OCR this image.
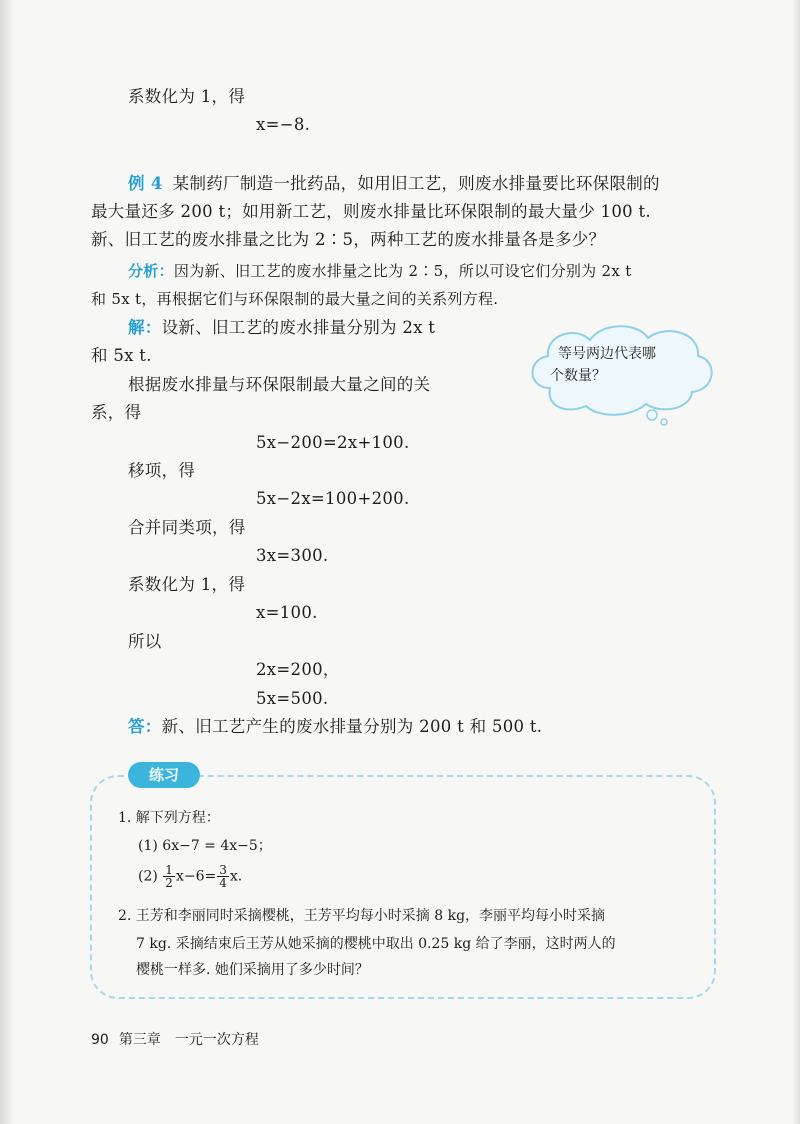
系数化为 1，得
x=−8.
例 4 某制药厂制造一批药品，如用旧工艺，则废水排量要比环保限制的
最大量还多 200 t；如用新工艺，则废水排量比环保限制的最大量少 100 t.
新、旧工艺的废水排量之比为 2∶5，两种工艺的废水排量各是多少？
分析：因为新、旧工艺的废水排量之比为 2∶5，所以可设它们分别为 2x t
和 5x t，再根据它们与环保限制的最大量之间的关系列方程.
解：设新、旧工艺的废水排量分别为 2x t
和 5x t.
根据废水排量与环保限制最大量之间的关
系，得
5x−200=2x+100.
移项，得
5x−2x=100+200.
合并同类项，得
3x=300.
系数化为 1，得
x=100.
所以
2x=200，
5x=500.
答：新、旧工艺产生的废水排量分别为 200 t 和 500 t.
等号两边代表哪
个数量？
练习
1. 解下列方程：
(1) 6x−7 = 4x−5；
$(2) \frac{1}{2} x-6= \frac{3}{4} x$.
2. 王芳和李丽同时采摘樱桃，王芳平均每小时采摘 8 kg，李丽平均每小时采摘
7 kg. 采摘结束后王芳从她采摘的樱桃中取出 0.25 kg 给了李丽，这时两人的
樱桃一样多. 她们采摘用了多少时间？
90 第三章　一元一次方程
